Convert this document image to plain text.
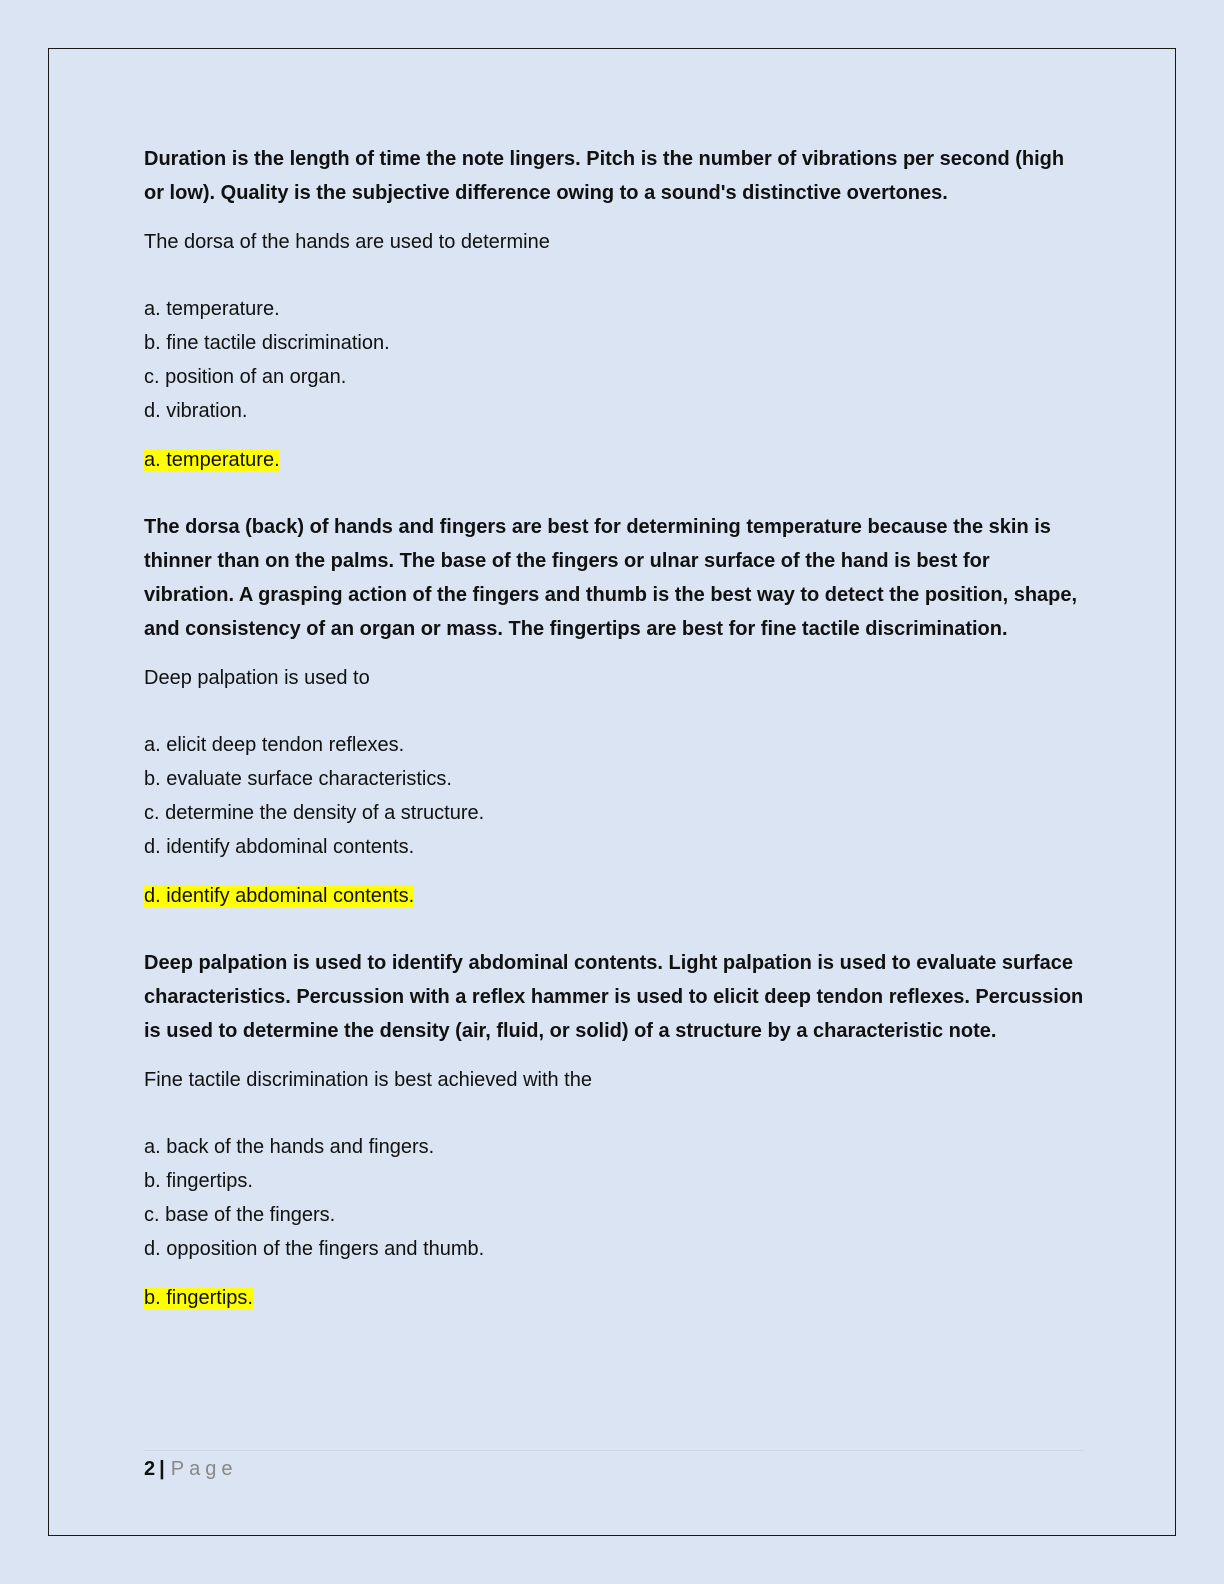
Duration is the length of time the note lingers. Pitch is the number of vibrations per second (high or low). Quality is the subjective difference owing to a sound's distinctive overtones.

The dorsa of the hands are used to determine

a. temperature.
b. fine tactile discrimination.
c. position of an organ.
d. vibration.

a. temperature.

The dorsa (back) of hands and fingers are best for determining temperature because the skin is thinner than on the palms. The base of the fingers or ulnar surface of the hand is best for vibration. A grasping action of the fingers and thumb is the best way to detect the position, shape, and consistency of an organ or mass. The fingertips are best for fine tactile discrimination.

Deep palpation is used to

a. elicit deep tendon reflexes.
b. evaluate surface characteristics.
c. determine the density of a structure.
d. identify abdominal contents.

d. identify abdominal contents.

Deep palpation is used to identify abdominal contents. Light palpation is used to evaluate surface characteristics. Percussion with a reflex hammer is used to elicit deep tendon reflexes. Percussion is used to determine the density (air, fluid, or solid) of a structure by a characteristic note.

Fine tactile discrimination is best achieved with the

a. back of the hands and fingers.
b. fingertips.
c. base of the fingers.
d. opposition of the fingers and thumb.

b. fingertips.

2 | Page
